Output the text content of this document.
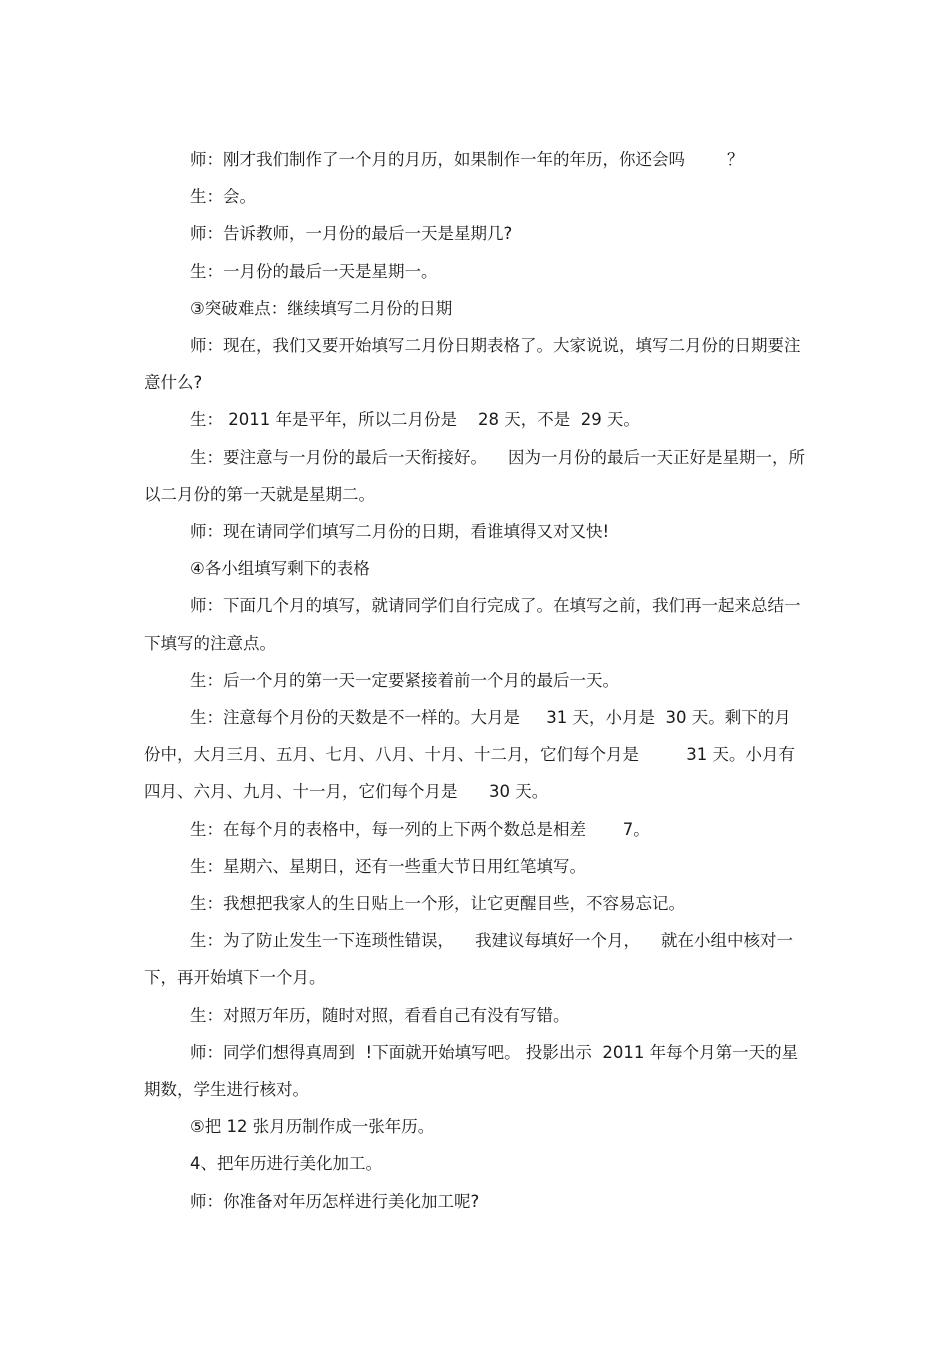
师：刚才我们制作了一个月的月历，如果制作一年的年历，你还会吗        ？

生：会。

师：告诉教师，一月份的最后一天是星期几?

生：一月份的最后一天是星期一。

③突破难点：继续填写二月份的日期

师：现在，我们又要开始填写二月份日期表格了。大家说说，填写二月份的日期要注意什么?

生： 2011 年是平年，所以二月份是    28 天，不是  29 天。

生：要注意与一月份的最后一天衔接好。    因为一月份的最后一天正好是星期一，所以二月份的第一天就是星期二。

师：现在请同学们填写二月份的日期，看谁填得又对又快!

④各小组填写剩下的表格

师：下面几个月的填写，就请同学们自行完成了。在填写之前，我们再一起来总结一下填写的注意点。

生：后一个月的第一天一定要紧接着前一个月的最后一天。

生：注意每个月份的天数是不一样的。大月是     31 天，小月是  30 天。剩下的月份中，大月三月、五月、七月、八月、十月、十二月，它们每个月是         31 天。小月有四月、六月、九月、十一月，它们每个月是      30 天。

生：在每个月的表格中，每一列的上下两个数总是相差       7。

生：星期六、星期日，还有一些重大节日用红笔填写。

生：我想把我家人的生日贴上一个形，让它更醒目些，不容易忘记。

生：为了防止发生一下连琐性错误，    我建议每填好一个月，    就在小组中核对一下，再开始填下一个月。

生：对照万年历，随时对照，看看自己有没有写错。

师：同学们想得真周到  !下面就开始填写吧。 投影出示  2011 年每个月第一天的星期数，学生进行核对。

⑤把 12 张月历制作成一张年历。

4、把年历进行美化加工。

师：你准备对年历怎样进行美化加工呢?
